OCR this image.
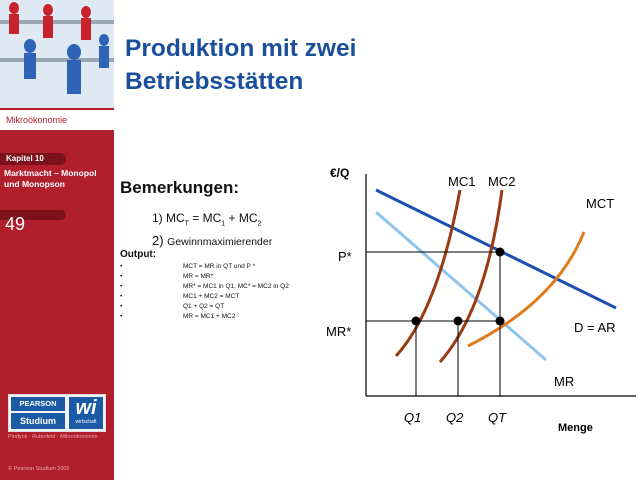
Mikroökonomie
Kapitel 10
Marktmacht – Monopol
und Monopson
49
PEARSON
Studium
wi
wirtschaft
Pindyck · Rubinfeld · Mikroökonomie
© Pearson Studium 2005
Produktion mit zwei
Betriebsstätten
Bemerkungen:
1) $MC_T = MC_1 + MC_2$
2) Gewinnmaximierender
Output:
•	MCT = MR in QT und P *
•	MR = MR*
•	MR* = MC1 in Q1, MC* = MC2 in Q2
•	MC1 + MC2 = MCT
•	Q1 + Q2 = QT
•	MR = MC1 + MC2
€/Q
Menge
P*
MR*
Q1 Q2 QT
MC1 MC2
MCT
D = AR
MR
